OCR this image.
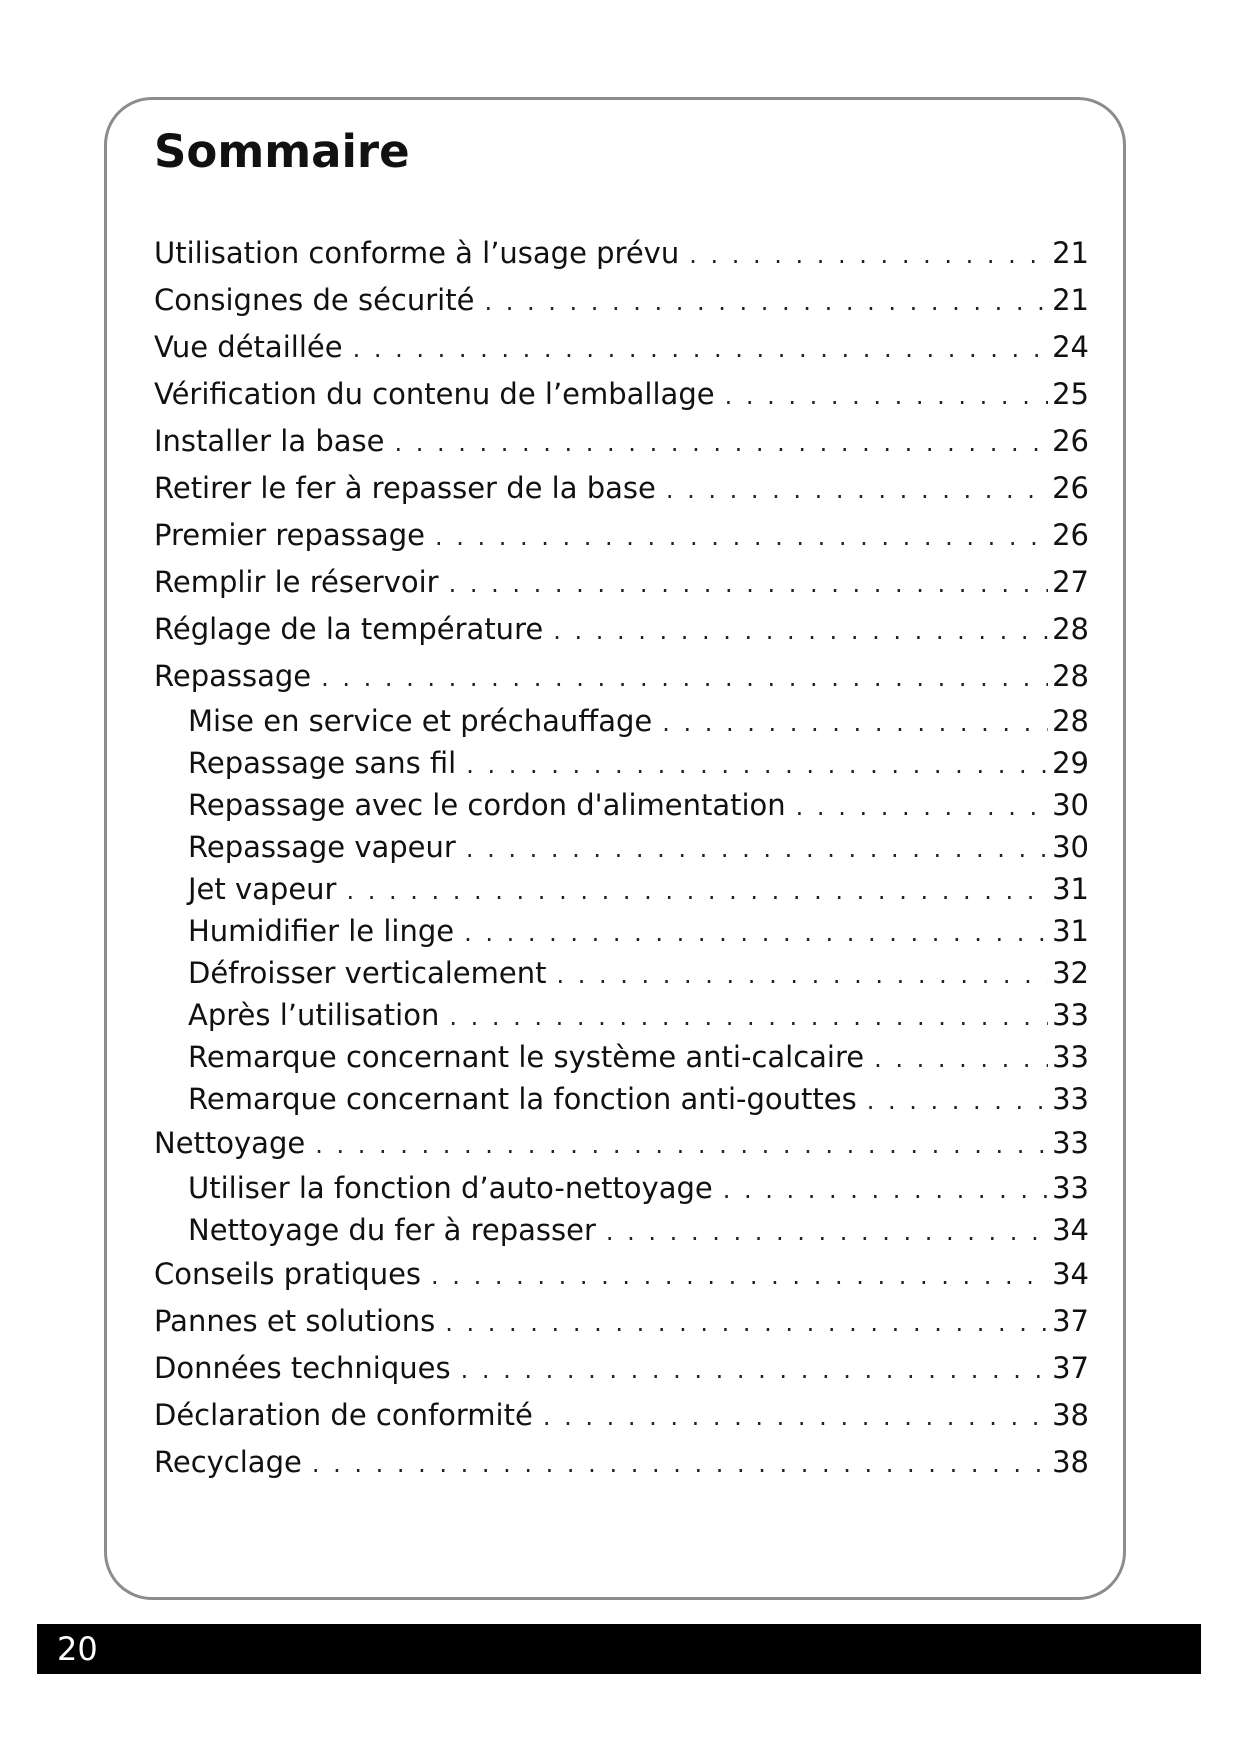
Sommaire
Utilisation conforme à l’usage prévu . . .	21
Consignes de sécurité . . .	21
Vue détaillée . . .	24
Vérification du contenu de l’emballage . . .	25
Installer la base . . .	26
Retirer le fer à repasser de la base . . .	26
Premier repassage . . .	26
Remplir le réservoir . . .	27
Réglage de la température . . .	28
Repassage . . .	28
Mise en service et préchauffage . . .	28
Repassage sans fil . . .	29
Repassage avec le cordon d'alimentation . . .	30
Repassage vapeur . . .	30
Jet vapeur . . .	31
Humidifier le linge . . .	31
Défroisser verticalement . . .	32
Après l’utilisation . . .	33
Remarque concernant le système anti-calcaire . . .	33
Remarque concernant la fonction anti-gouttes . . .	33
Nettoyage . . .	33
Utiliser la fonction d’auto-nettoyage . . .	33
Nettoyage du fer à repasser . . .	34
Conseils pratiques . . .	34
Pannes et solutions . . .	37
Données techniques . . .	37
Déclaration de conformité . . .	38
Recyclage . . .	38
20
